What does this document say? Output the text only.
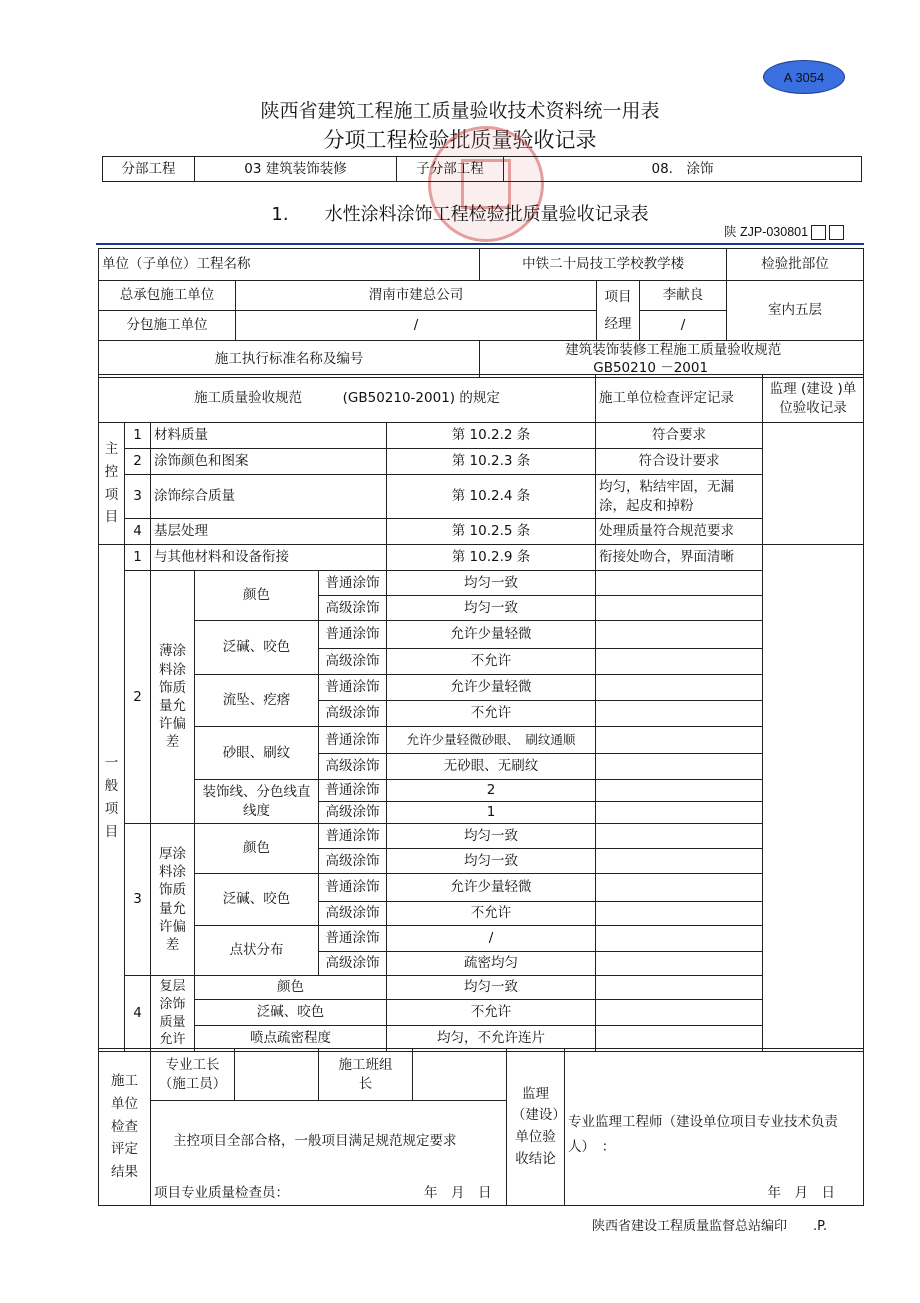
A 3054
陕西省建筑工程施工质量验收技术资料统一用表
分项工程检验批质量验收记录
分部工程	03 建筑装饰装修	子分部工程	08.　涂饰
1.　　水性涂料涂饰工程检验批质量验收记录表
陕 ZJP-030801
单位（子单位）工程名称		中铁二十局技工学校教学楼			检验批部位
总承包施工单位	渭南市建总公司		项目
经理	李献良	室内五层
分包施工单位	/			/	
施工执行标准名称及编号		建筑装饰装修工程施工质量验收规范GB50210 －2001			
施工质量验收规范　　　 (GB50210-2001) 的规定						施工单位检查评定记录	监理 (建设 )单位验收记录
主
控
项
目	1	材料质量			第 10.2.2 条	符合要求	
	2	涂饰颜色和图案			第 10.2.3 条	符合设计要求	
	3	涂饰综合质量			第 10.2.4 条	均匀，粘结牢固，无漏涂，起皮和掉粉	
	4	基层处理			第 10.2.5 条	处理质量符合规范要求	
一
般
项
目	1	与其他材料和设备衔接			第 10.2.9 条	衔接处吻合，界面清晰	
	2	薄涂料涂饰质量允许偏差	颜色	普通涂饰	均匀一致		

				高级涂饰	均匀一致		

			泛碱、咬色	普通涂饰	允许少量轻微		

				高级涂饰	不允许		

			流坠、疙瘩	普通涂饰	允许少量轻微		

				高级涂饰	不允许		

			砂眼、刷纹	普通涂饰	允许少量轻微砂眼、　刷纹通顺		

				高级涂饰	无砂眼、无刷纹		

			装饰线、分色线直线度	普通涂饰	2		

				高级涂饰	1		

	3	厚涂料涂饰质量允许偏差	颜色	普通涂饰	均匀一致		
				高级涂饰	均匀一致		
			泛碱、咬色	普通涂饰	允许少量轻微		
				高级涂饰	不允许		
			点状分布	普通涂饰	/		
				高级涂饰	疏密均匀		
	4	复层涂饰质量允许	颜色		均匀一致		
			泛碱、咬色		不允许		
			喷点疏密程度		均匀，不允许连片		
施工单位检查评定结果	专业工长（施工员）		施工班组　　长		监理（建设）单位验收结论	专业监理工程师（建设单位项目专业技术负责人）　：
	主控项目全部合格，一般项目满足规范规定要求					
	项目专业质量检查员： 年　月　日					年　月　日
陕西省建设工程质量监督总站编印　　.P.
